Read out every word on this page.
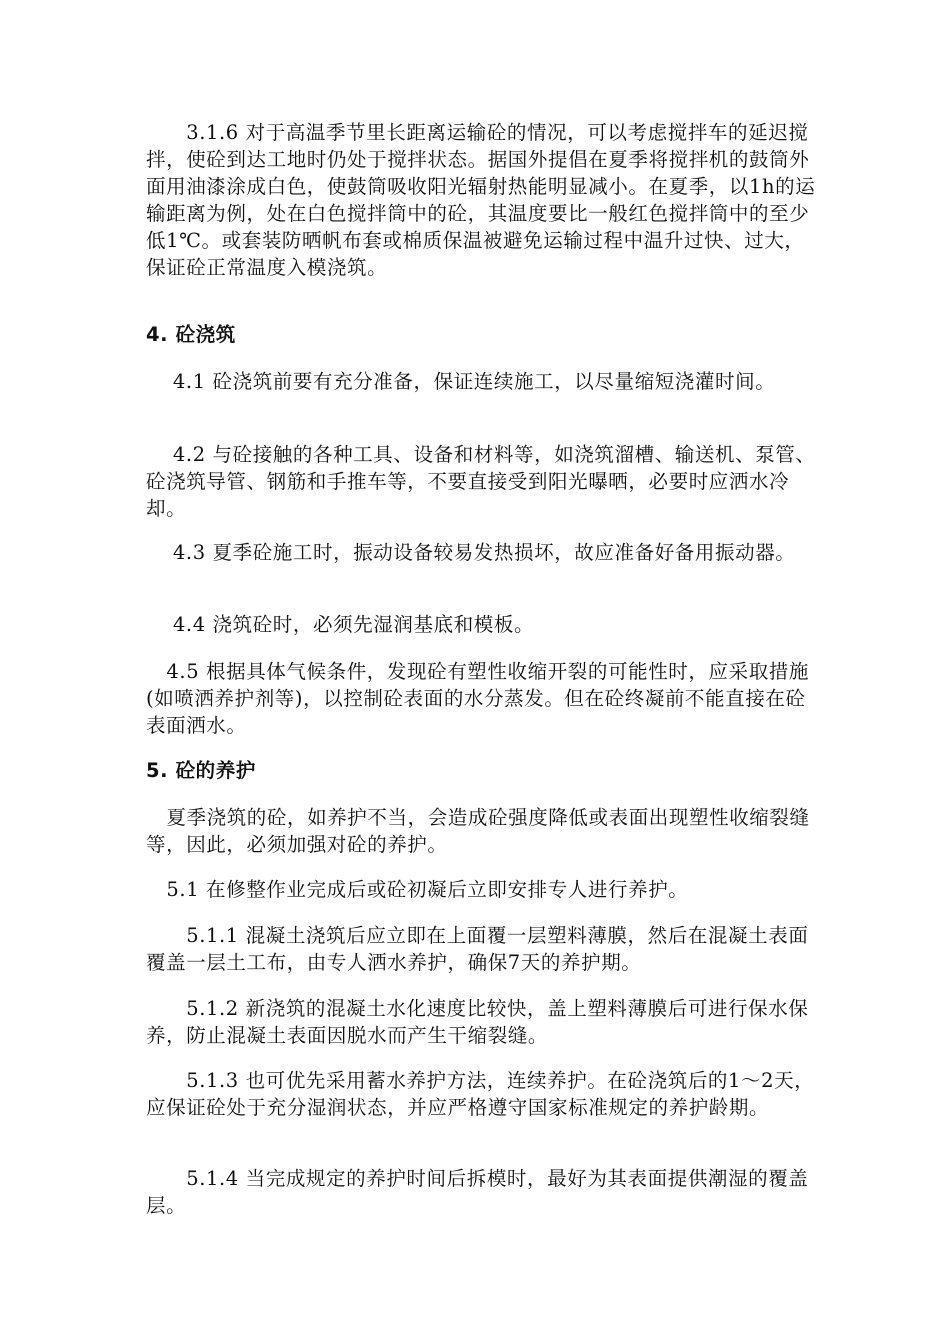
　　3.1.6 对于高温季节里长距离运输砼的情况，可以考虑搅拌车的延迟搅拌，使砼到达工地时仍处于搅拌状态。据国外提倡在夏季将搅拌机的鼓筒外面用油漆涂成白色，使鼓筒吸收阳光辐射热能明显减小。在夏季，以1h的运输距离为例，处在白色搅拌筒中的砼，其温度要比一般红色搅拌筒中的至少低1℃。或套装防晒帆布套或棉质保温被避免运输过程中温升过快、过大，保证砼正常温度入模浇筑。

4. 砼浇筑

　 4.1 砼浇筑前要有充分准备，保证连续施工，以尽量缩短浇灌时间。

　 4.2 与砼接触的各种工具、设备和材料等，如浇筑溜槽、输送机、泵管、砼浇筑导管、钢筋和手推车等，不要直接受到阳光曝晒，必要时应洒水冷却。

　 4.3 夏季砼施工时，振动设备较易发热损坏，故应准备好备用振动器。

　 4.4 浇筑砼时，必须先湿润基底和模板。

4.5 根据具体气候条件，发现砼有塑性收缩开裂的可能性时，应采取措施(如喷洒养护剂等)，以控制砼表面的水分蒸发。但在砼终凝前不能直接在砼表面洒水。

5. 砼的养护

夏季浇筑的砼，如养护不当，会造成砼强度降低或表面出现塑性收缩裂缝等，因此，必须加强对砼的养护。

5.1 在修整作业完成后或砼初凝后立即安排专人进行养护。

　　5.1.1 混凝土浇筑后应立即在上面覆一层塑料薄膜，然后在混凝土表面覆盖一层土工布，由专人洒水养护，确保7天的养护期。

　　5.1.2 新浇筑的混凝土水化速度比较快，盖上塑料薄膜后可进行保水保养，防止混凝土表面因脱水而产生干缩裂缝。

　　5.1.3 也可优先采用蓄水养护方法，连续养护。在砼浇筑后的1～2天，应保证砼处于充分湿润状态，并应严格遵守国家标准规定的养护龄期。

　　5.1.4 当完成规定的养护时间后拆模时，最好为其表面提供潮湿的覆盖层。
